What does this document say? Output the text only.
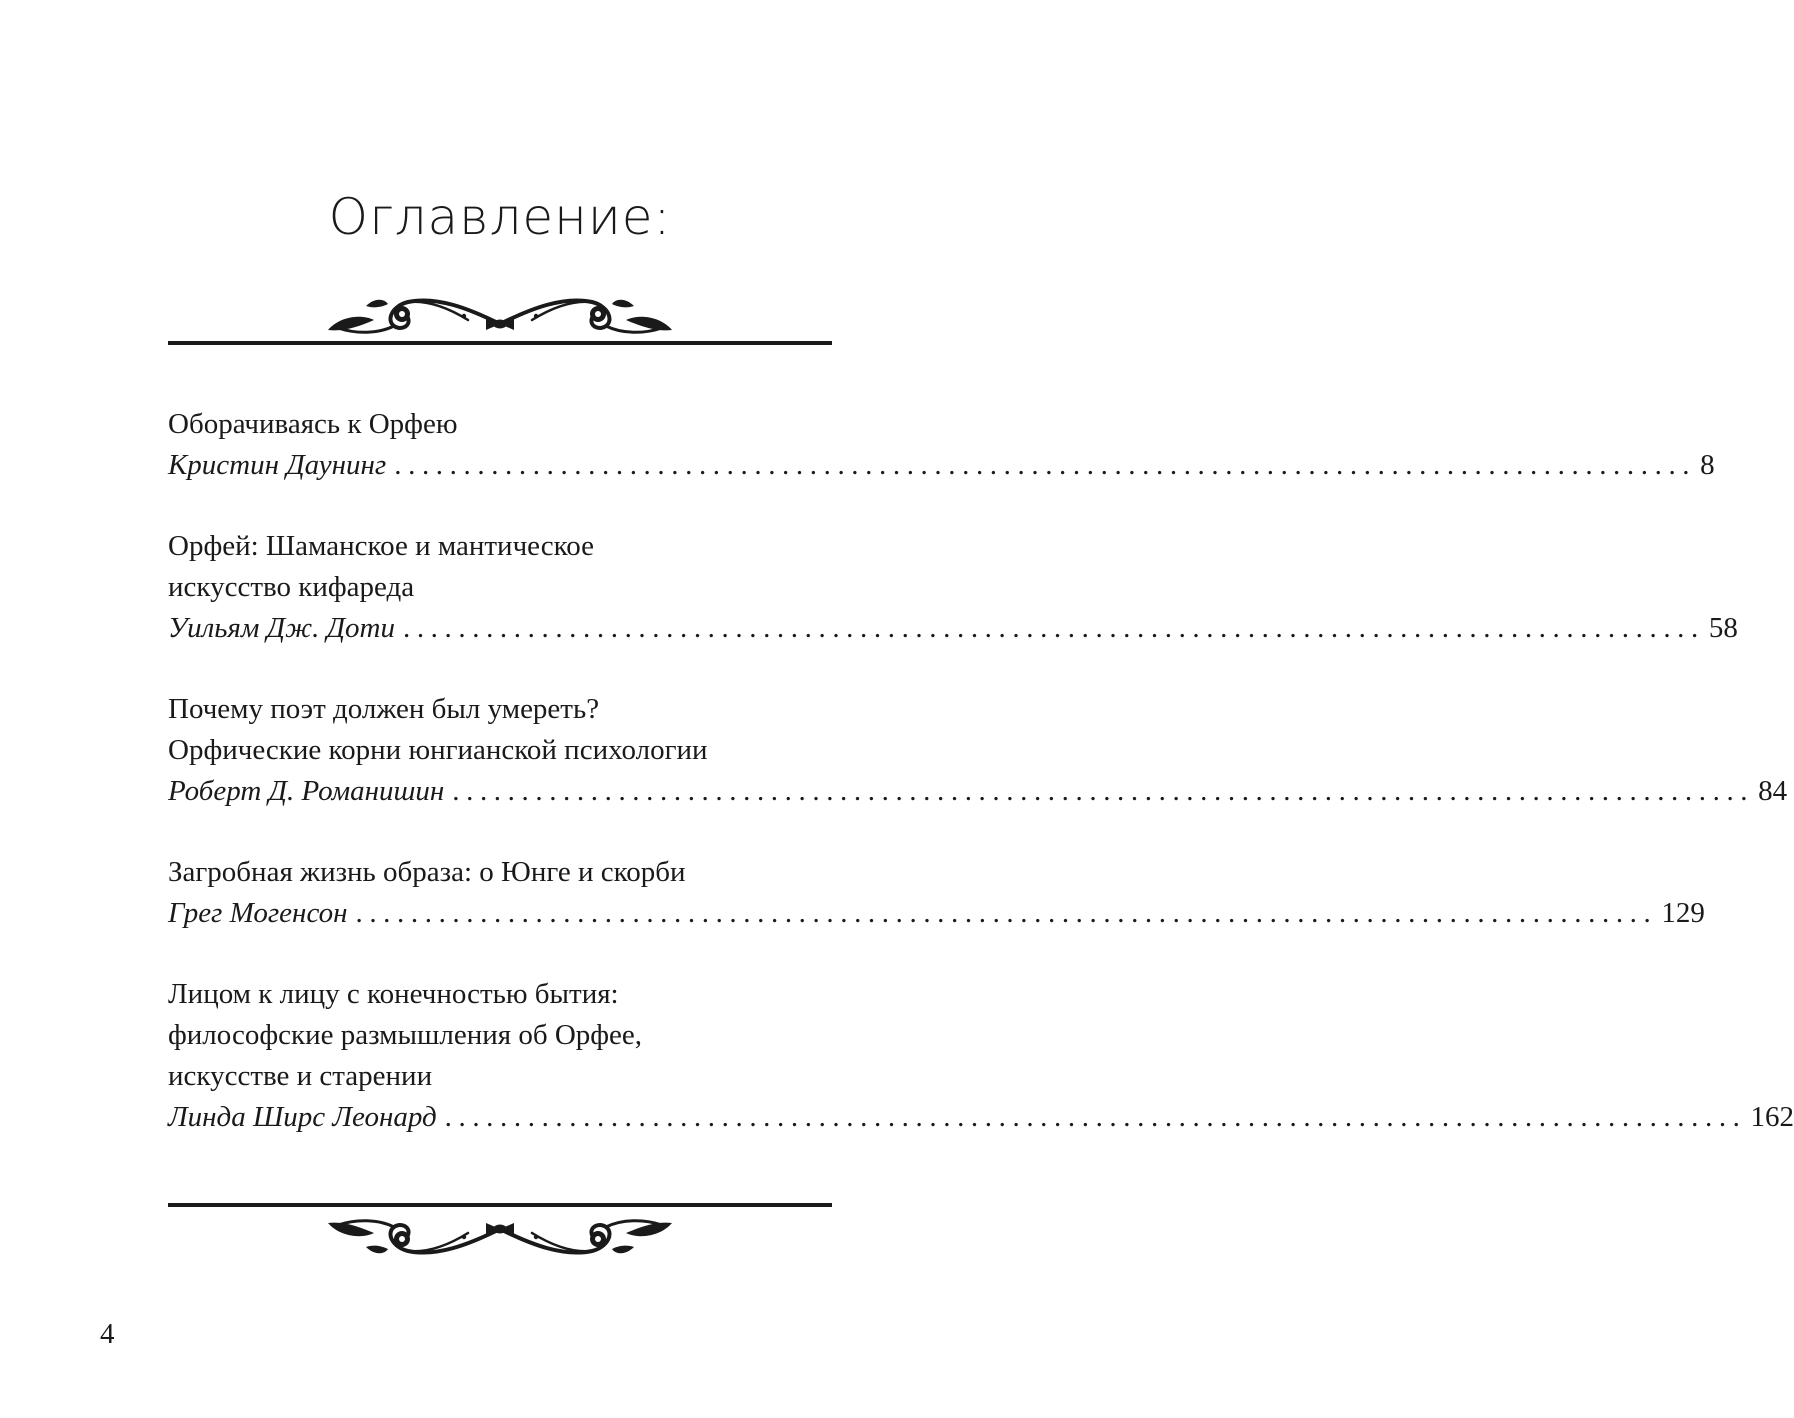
Оглавление:
Оборачиваясь к Орфею
Кристин Даунинг .............................................................................................. 8
Орфей: Шаманское и мантическое
искусство кифареда
Уильям Дж. Доти .............................................................................................. 58
Почему поэт должен был умереть?
Орфические корни юнгианской психологии
Роберт Д. Романишин .............................................................................................. 84
Загробная жизнь образа: о Юнге и скорби
Грег Могенсон .............................................................................................. 129
Лицом к лицу с конечностью бытия:
философские размышления об Орфее,
искусстве и старении
Линда Ширс Леонард .............................................................................................. 162
4
